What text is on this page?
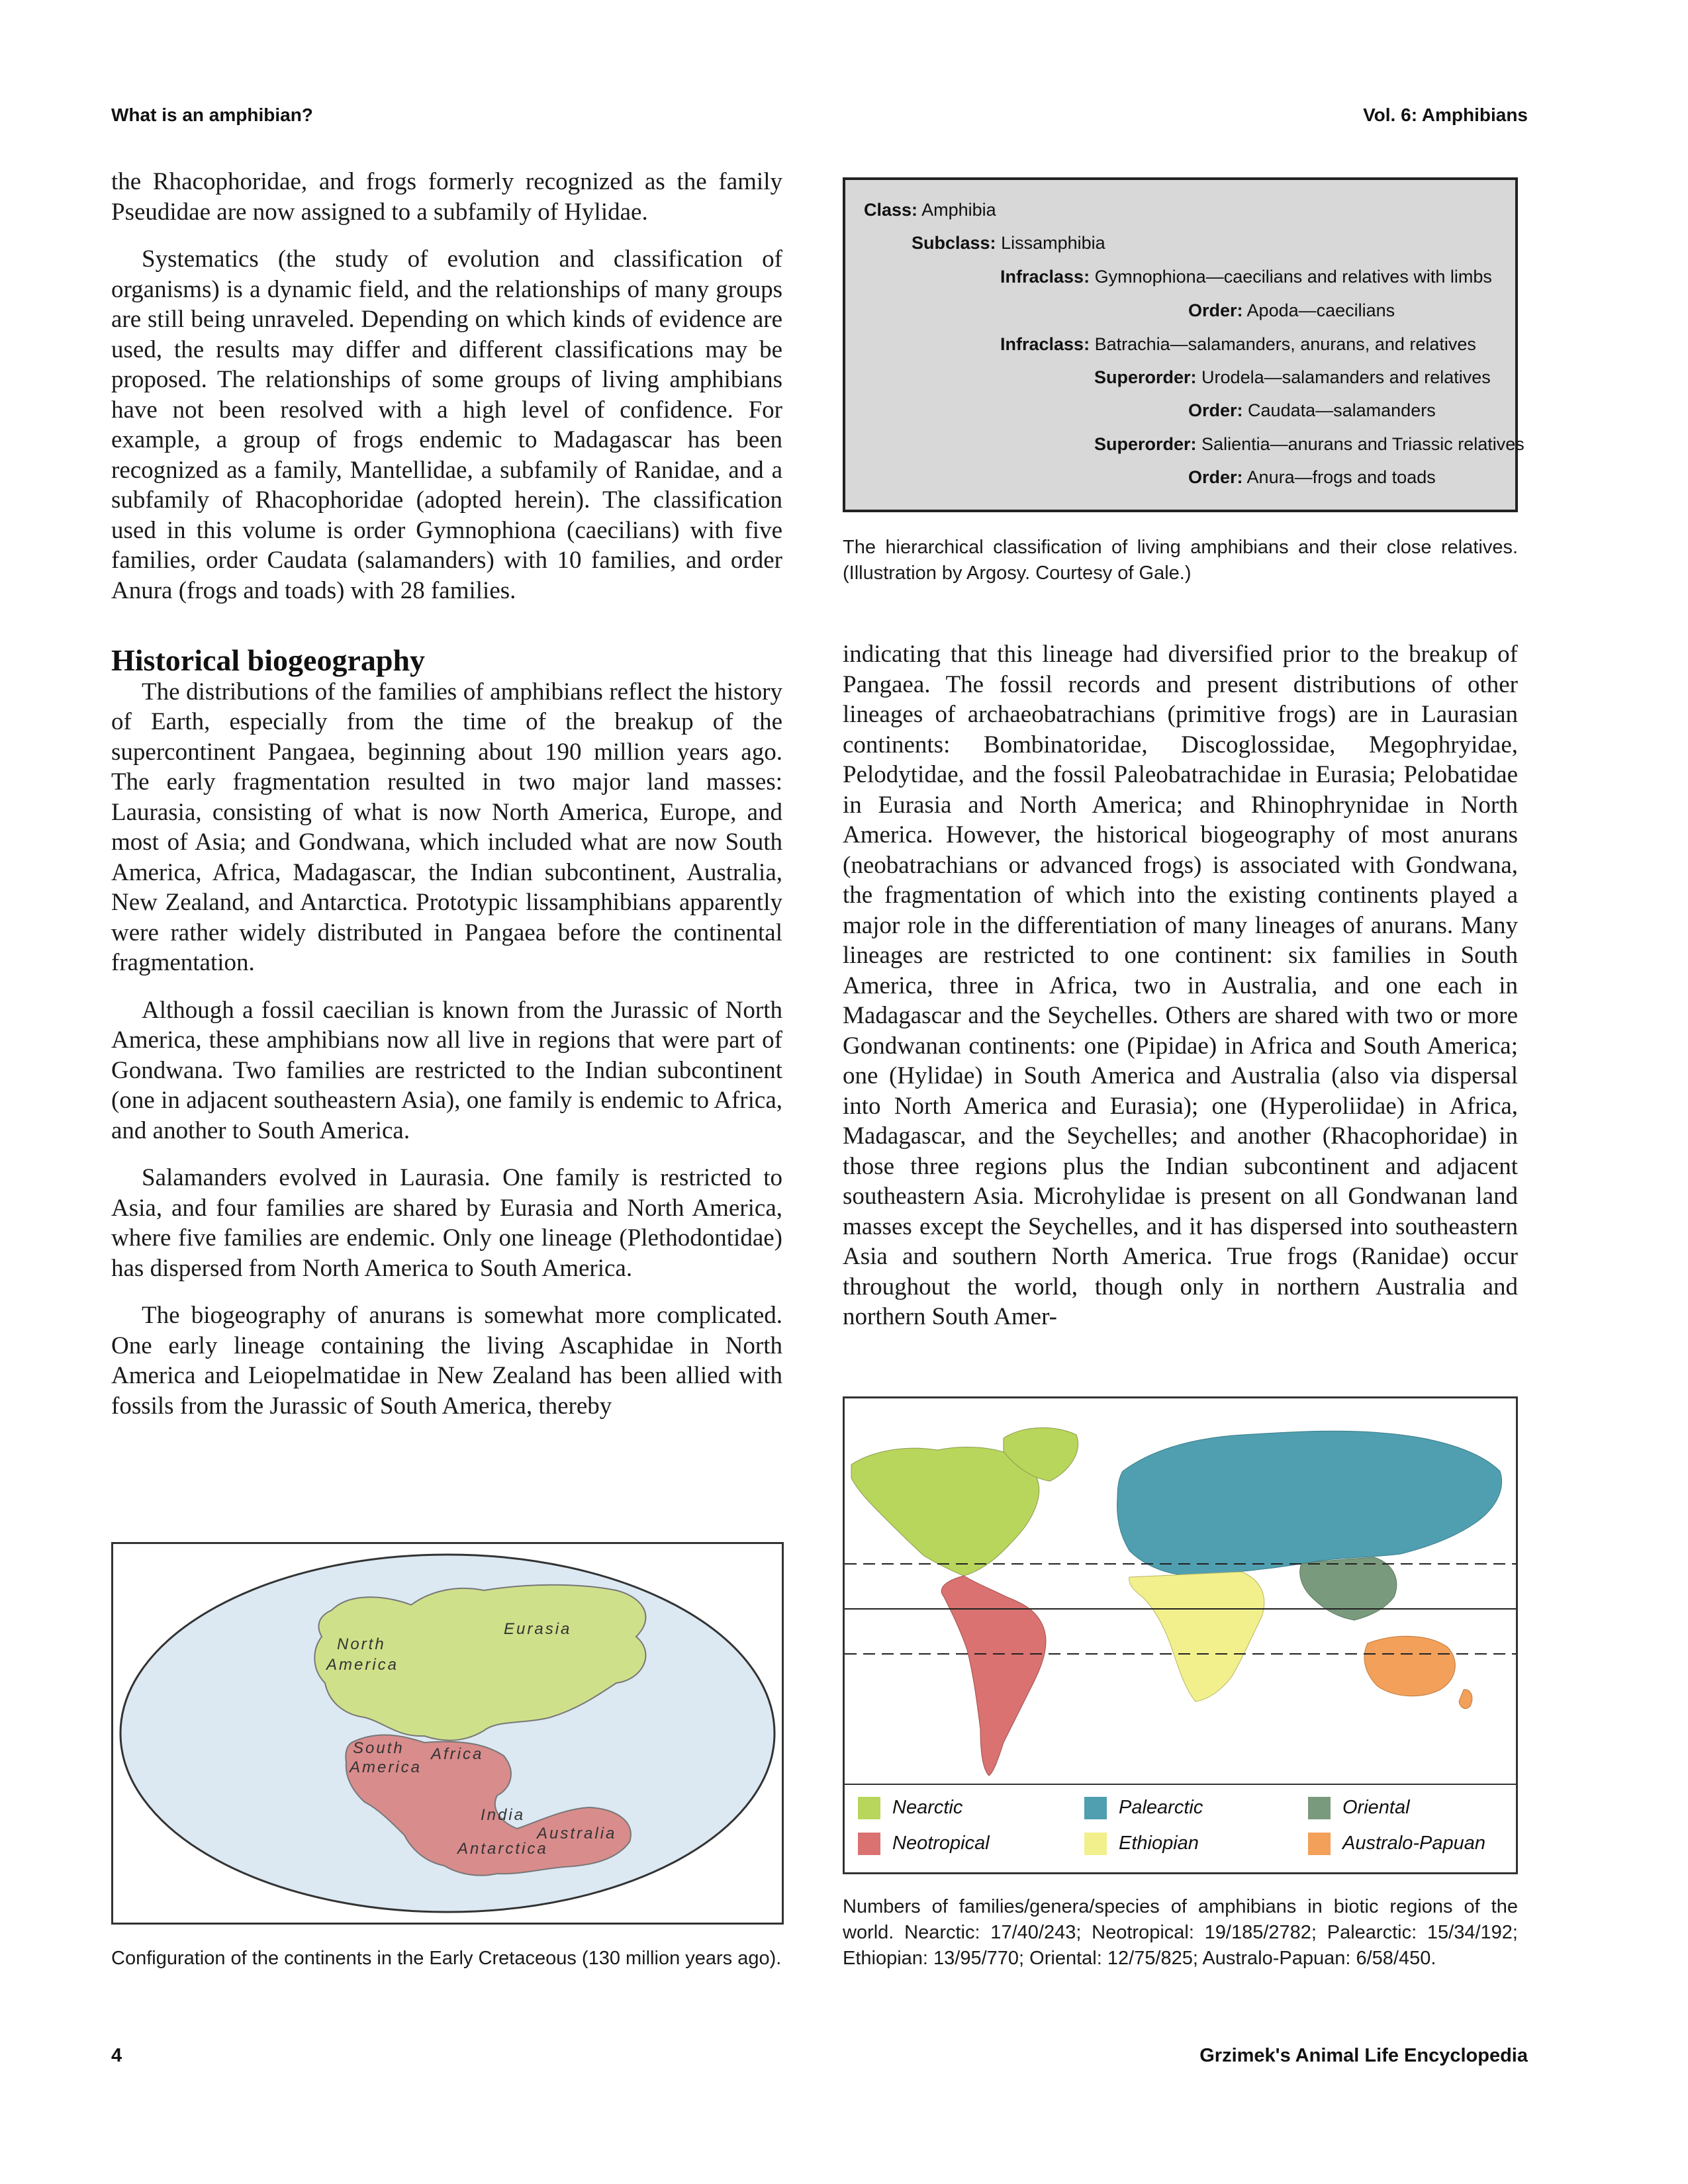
What is an amphibian?	Vol. 6: Amphibians

the Rhacophoridae, and frogs formerly recognized as the family Pseudidae are now assigned to a subfamily of Hylidae.

Systematics (the study of evolution and classification of organisms) is a dynamic field, and the relationships of many groups are still being unraveled. Depending on which kinds of evidence are used, the results may differ and different classifications may be proposed. The relationships of some groups of living amphibians have not been resolved with a high level of confidence. For example, a group of frogs endemic to Madagascar has been recognized as a family, Mantellidae, a subfamily of Ranidae, and a subfamily of Rhacophoridae (adopted herein). The classification used in this volume is order Gymnophiona (caecilians) with five families, order Caudata (salamanders) with 10 families, and order Anura (frogs and toads) with 28 families.

Historical biogeography

The distributions of the families of amphibians reflect the history of Earth, especially from the time of the breakup of the supercontinent Pangaea, beginning about 190 million years ago. The early fragmentation resulted in two major land masses: Laurasia, consisting of what is now North America, Europe, and most of Asia; and Gondwana, which included what are now South America, Africa, Madagascar, the Indian subcontinent, Australia, New Zealand, and Antarctica. Prototypic lissamphibians apparently were rather widely distributed in Pangaea before the continental fragmentation.

Although a fossil caecilian is known from the Jurassic of North America, these amphibians now all live in regions that were part of Gondwana. Two families are restricted to the Indian subcontinent (one in adjacent southeastern Asia), one family is endemic to Africa, and another to South America.

Salamanders evolved in Laurasia. One family is restricted to Asia, and four families are shared by Eurasia and North America, where five families are endemic. Only one lineage (Plethodontidae) has dispersed from North America to South America.

The biogeography of anurans is somewhat more complicated. One early lineage containing the living Ascaphidae in North America and Leiopelmatidae in New Zealand has been allied with fossils from the Jurassic of South America, thereby

Class: Amphibia
Subclass: Lissamphibia
Infraclass: Gymnophiona—caecilians and relatives with limbs
Order: Apoda—caecilians
Infraclass: Batrachia—salamanders, anurans, and relatives
Superorder: Urodela—salamanders and relatives
Order: Caudata—salamanders
Superorder: Salientia—anurans and Triassic relatives
Order: Anura—frogs and toads
The hierarchical classification of living amphibians and their close relatives. (Illustration by Argosy. Courtesy of Gale.)

indicating that this lineage had diversified prior to the breakup of Pangaea. The fossil records and present distributions of other lineages of archaeobatrachians (primitive frogs) are in Laurasian continents: Bombinatoridae, Discoglossidae, Megophryidae, Pelodytidae, and the fossil Paleobatrachidae in Eurasia; Pelobatidae in Eurasia and North America; and Rhinophrynidae in North America. However, the historical biogeography of most anurans (neobatrachians or advanced frogs) is associated with Gondwana, the fragmentation of which into the existing continents played a major role in the differentiation of many lineages of anurans. Many lineages are restricted to one continent: six families in South America, three in Africa, two in Australia, and one each in Madagascar and the Seychelles. Others are shared with two or more Gondwanan continents: one (Pipidae) in Africa and South America; one (Hylidae) in South America and Australia (also via dispersal into North America and Eurasia); one (Hyperoliidae) in Africa, Madagascar, and the Seychelles; and another (Rhacophoridae) in those three regions plus the Indian subcontinent and adjacent southeastern Asia. Microhylidae is present on all Gondwanan land masses except the Seychelles, and it has dispersed into southeastern Asia and southern North America. True frogs (Ranidae) occur throughout the world, though only in northern Australia and northern South Amer-

North
America
Eurasia
South
America
Africa
India
Australia
Antarctica
Configuration of the continents in the Early Cretaceous (130 million years ago).
Nearctic	Palearctic	Oriental
Neotropical	Ethiopian	Australo-Papuan
Numbers of families/genera/species of amphibians in biotic regions of the world. Nearctic: 17/40/243; Neotropical: 19/185/2782; Palearctic: 15/34/192; Ethiopian: 13/95/770; Oriental: 12/75/825; Australo-Papuan: 6/58/450.
4	Grzimek's Animal Life Encyclopedia
